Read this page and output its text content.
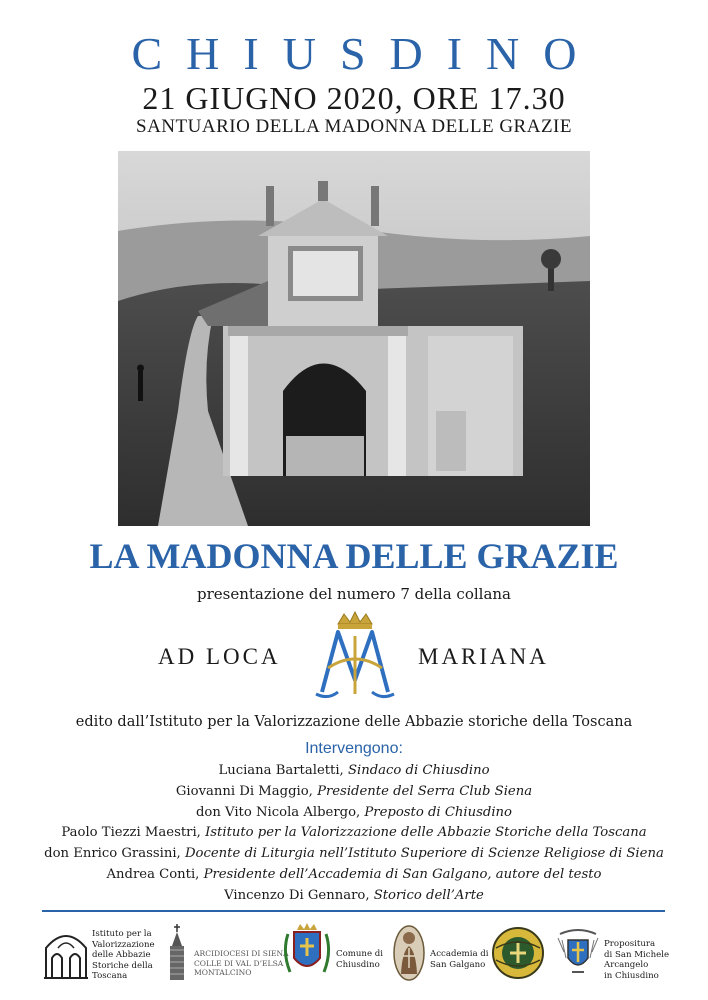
CHIUSDINO
21 GIUGNO 2020, ORE 17.30
SANTUARIO DELLA MADONNA DELLE GRAZIE
LA MADONNA DELLE GRAZIE
presentazione del numero 7 della collana
AD LOCA	MARIANA
edito dall’Istituto per la Valorizzazione delle Abbazie storiche della Toscana
Intervengono:
Luciana Bartaletti, Sindaco di Chiusdino
Giovanni Di Maggio, Presidente del Serra Club Siena
don Vito Nicola Albergo, Preposto di Chiusdino
Paolo Tiezzi Maestri, Istituto per la Valorizzazione delle Abbazie Storiche della Toscana
don Enrico Grassini, Docente di Liturgia nell’Istituto Superiore di Scienze Religiose di Siena
Andrea Conti, Presidente dell’Accademia di San Galgano, autore del testo
Vincenzo Di Gennaro, Storico dell’Arte
Istituto per la
Valorizzazione
delle Abbazie
Storiche della
Toscana
ARCIDIOCESI DI SIENA
COLLE DI VAL D’ELSA
MONTALCINO
Comune di
Chiusdino
Accademia di
San Galgano
Propositura
di San Michele
Arcangelo
in Chiusdino
